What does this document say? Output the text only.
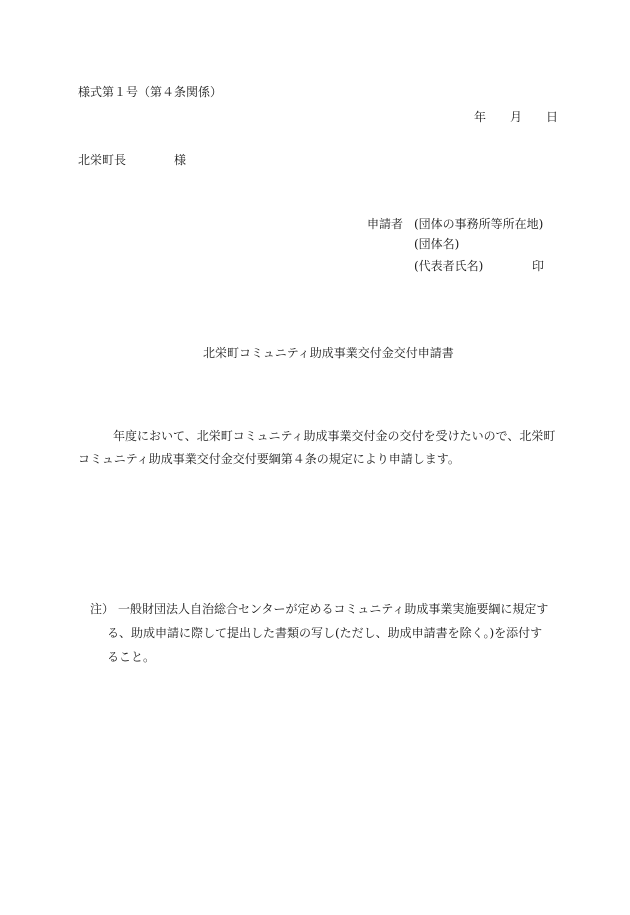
様式第１号（第４条関係）
年 月 日
北栄町長	様
申請者 (団体の事務所等所在地)
(団体名)
(代表者氏名)	印
北栄町コミュニティ助成事業交付金交付申請書
年度において、北栄町コミュニティ助成事業交付金の交付を受けたいので、北栄町
コミュニティ助成事業交付金交付要綱第４条の規定により申請します。
注） 一般財団法人自治総合センターが定めるコミュニティ助成事業実施要綱に規定す
る、助成申請に際して提出した書類の写し(ただし、助成申請書を除く。)を添付す
ること。
